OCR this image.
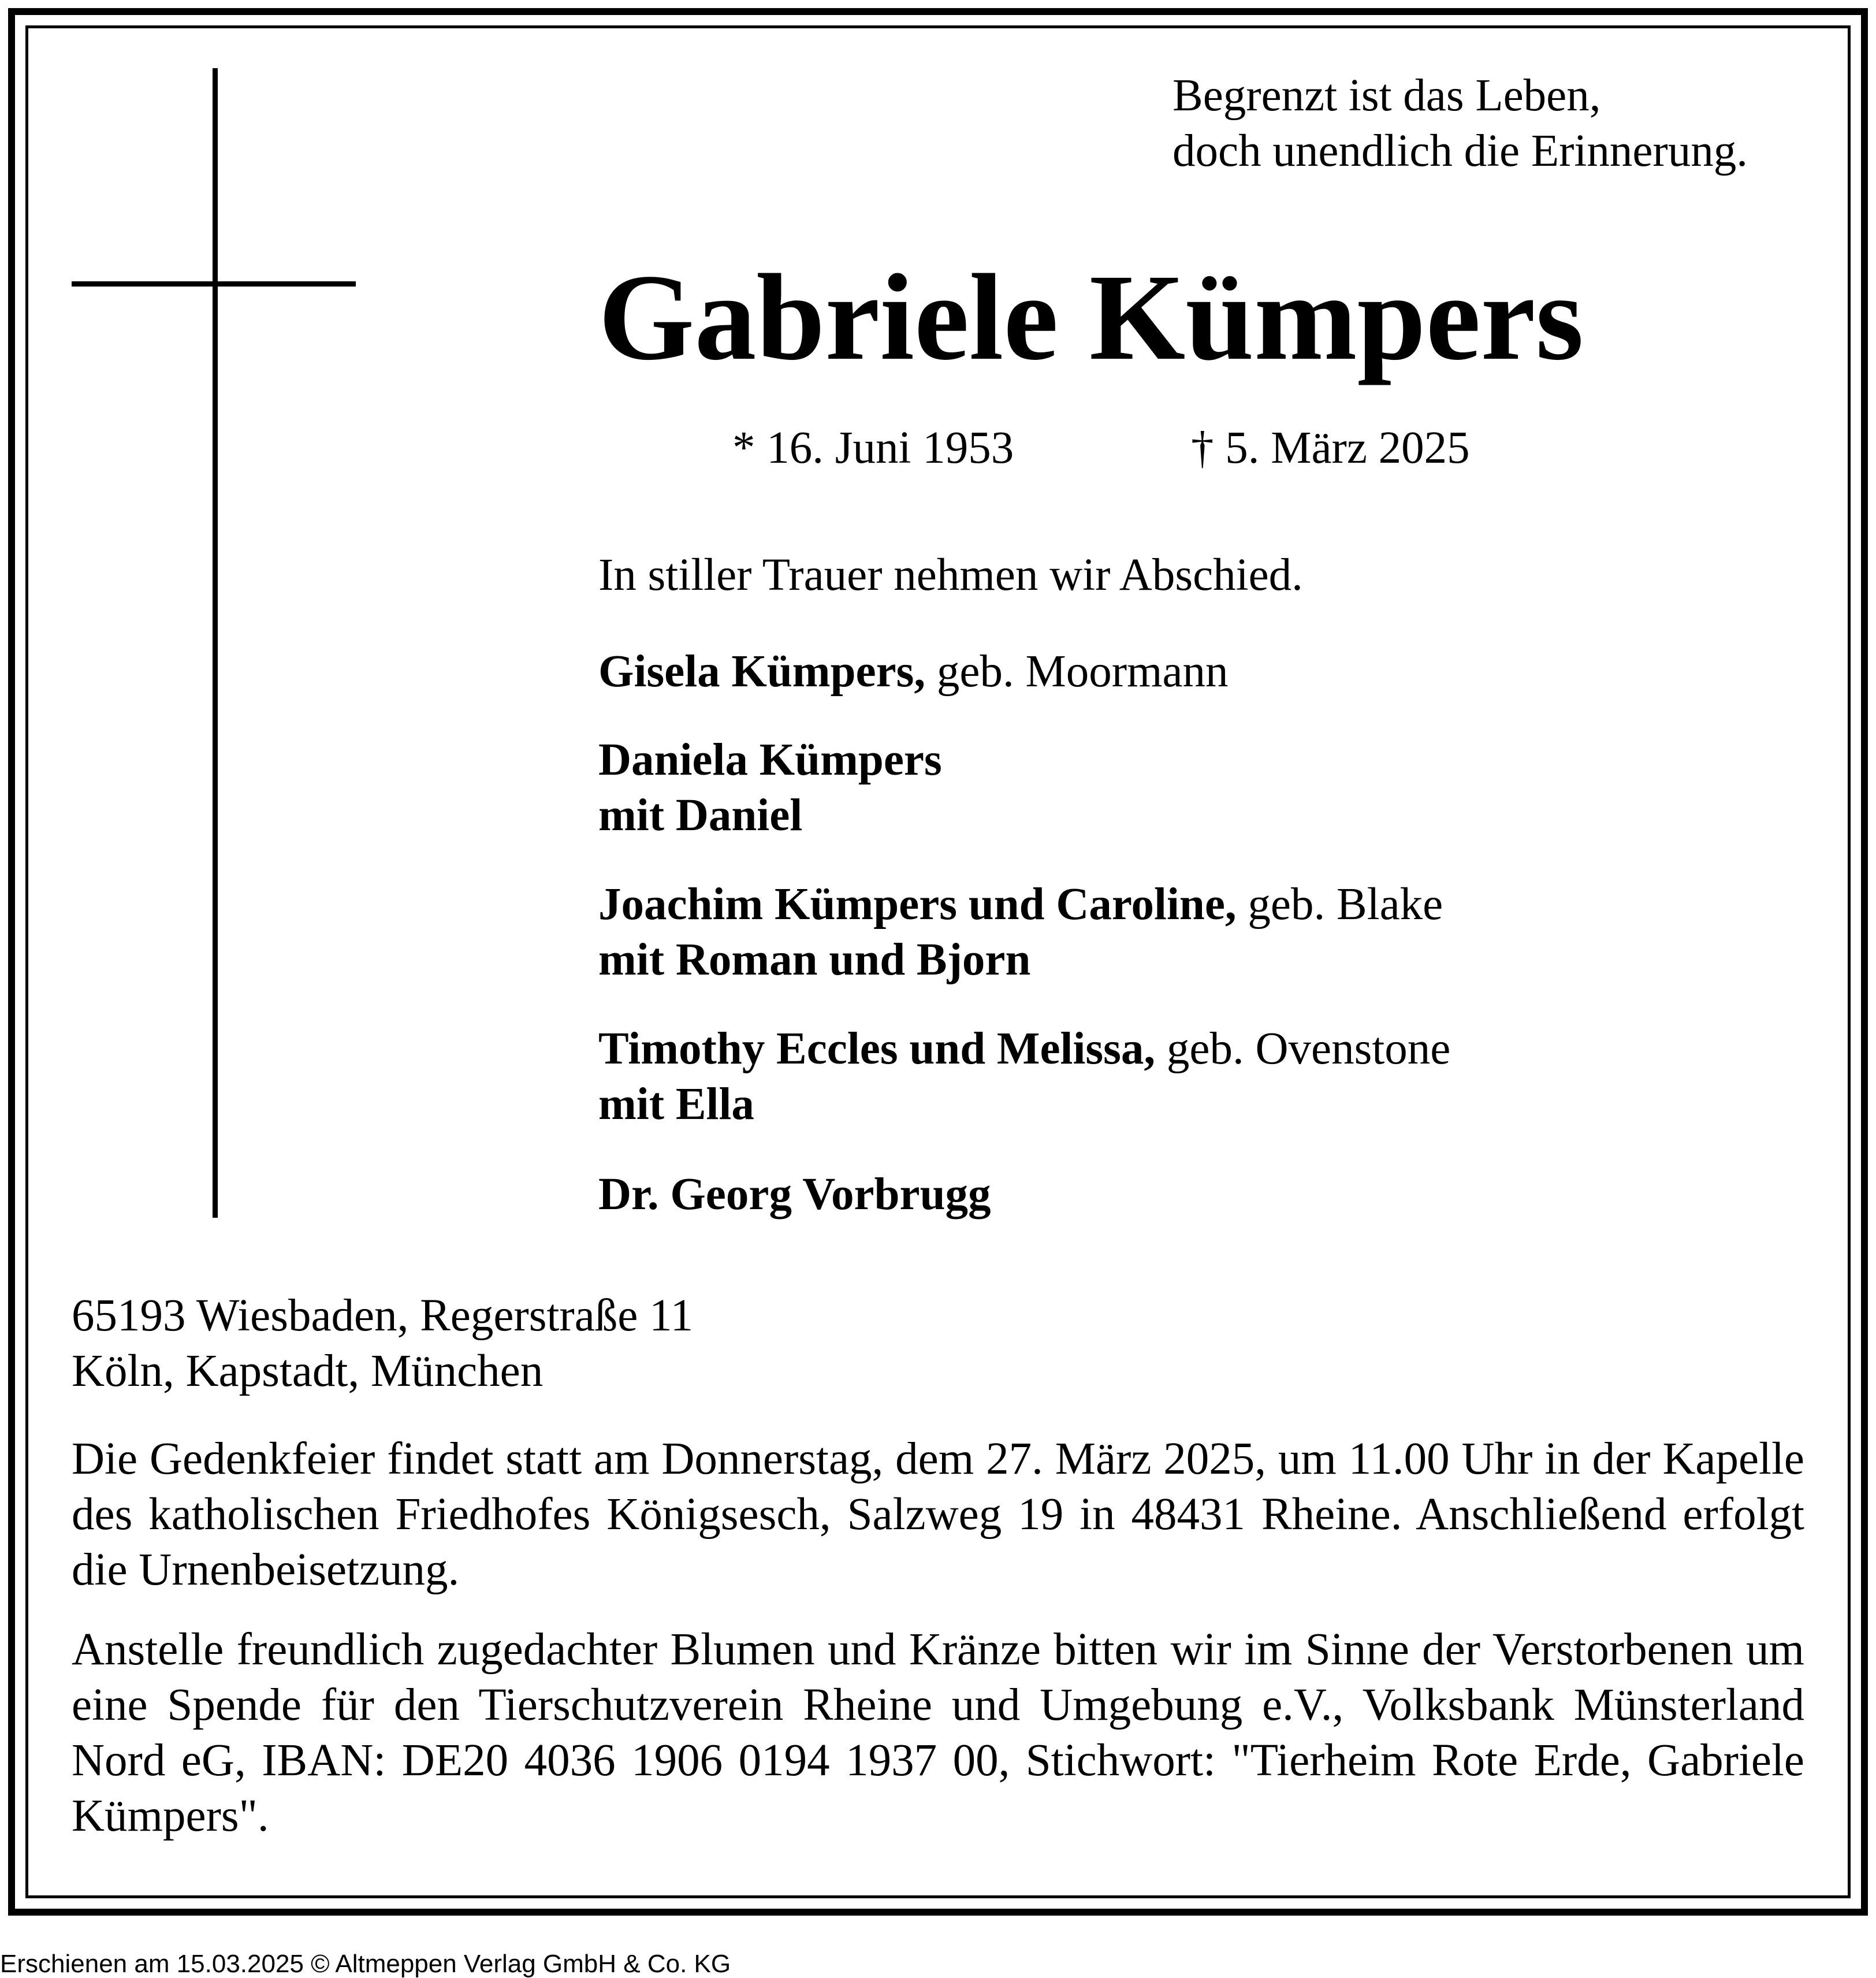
Begrenzt ist das Leben,
doch unendlich die Erinnerung.
Gabriele Kümpers
* 16. Juni 1953	† 5. März 2025
In stiller Trauer nehmen wir Abschied.
Gisela Kümpers, geb. Moormann
Daniela Kümpers
mit Daniel
Joachim Kümpers und Caroline, geb. Blake
mit Roman und Bjorn
Timothy Eccles und Melissa, geb. Ovenstone
mit Ella
Dr. Georg Vorbrugg
65193 Wiesbaden, Regerstraße 11
Köln, Kapstadt, München
Die Gedenkfeier findet statt am Donnerstag, dem 27. März 2025, um 11.00 Uhr in der Kapelle des katholischen Friedhofes Königsesch, Salzweg 19 in 48431 Rheine. Anschließend erfolgt die Urnenbeisetzung.
Anstelle freundlich zugedachter Blumen und Kränze bitten wir im Sinne der Verstorbenen um eine Spende für den Tierschutzverein Rheine und Umgebung e.V., Volksbank Münsterland Nord eG, IBAN: DE20 4036 1906 0194 1937 00, Stichwort: "Tierheim Rote Erde, Gabriele Kümpers".
Erschienen am 15.03.2025 © Altmeppen Verlag GmbH & Co. KG
